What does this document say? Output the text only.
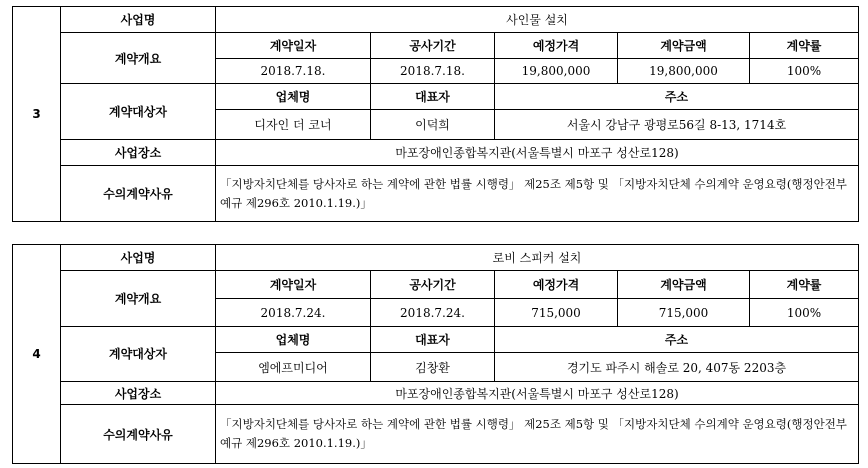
3	사업명	사인물 설치				
	계약개요	계약일자	공사기간	예정가격	계약금액	계약률
		2018.7.18.	2018.7.18.	19,800,000	19,800,000	100%
	계약대상자	업체명	대표자	주소		
		디자인 더 코너	이덕희	서울시 강남구 광평로56길 8-13, 1714호		
	사업장소	마포장애인종합복지관(서울특별시 마포구 성산로128)				
	수의계약사유	「지방자치단체를 당사자로 하는 계약에 관한 법률 시행령」 제25조 제5항 및 「지방자치단체 수의계약 운영요령(행정안전부 예규 제296호 2010.1.19.)」				
4	사업명	로비 스피커 설치				
	계약개요	계약일자	공사기간	예정가격	계약금액	계약률
		2018.7.24.	2018.7.24.	715,000	715,000	100%
	계약대상자	업체명	대표자	주소		
		엠에프미디어	김창환	경기도 파주시 해솔로 20, 407동 2203층		
	사업장소	마포장애인종합복지관(서울특별시 마포구 성산로128)				
	수의계약사유	「지방자치단체를 당사자로 하는 계약에 관한 법률 시행령」 제25조 제5항 및 「지방자치단체 수의계약 운영요령(행정안전부 예규 제296호 2010.1.19.)」				
